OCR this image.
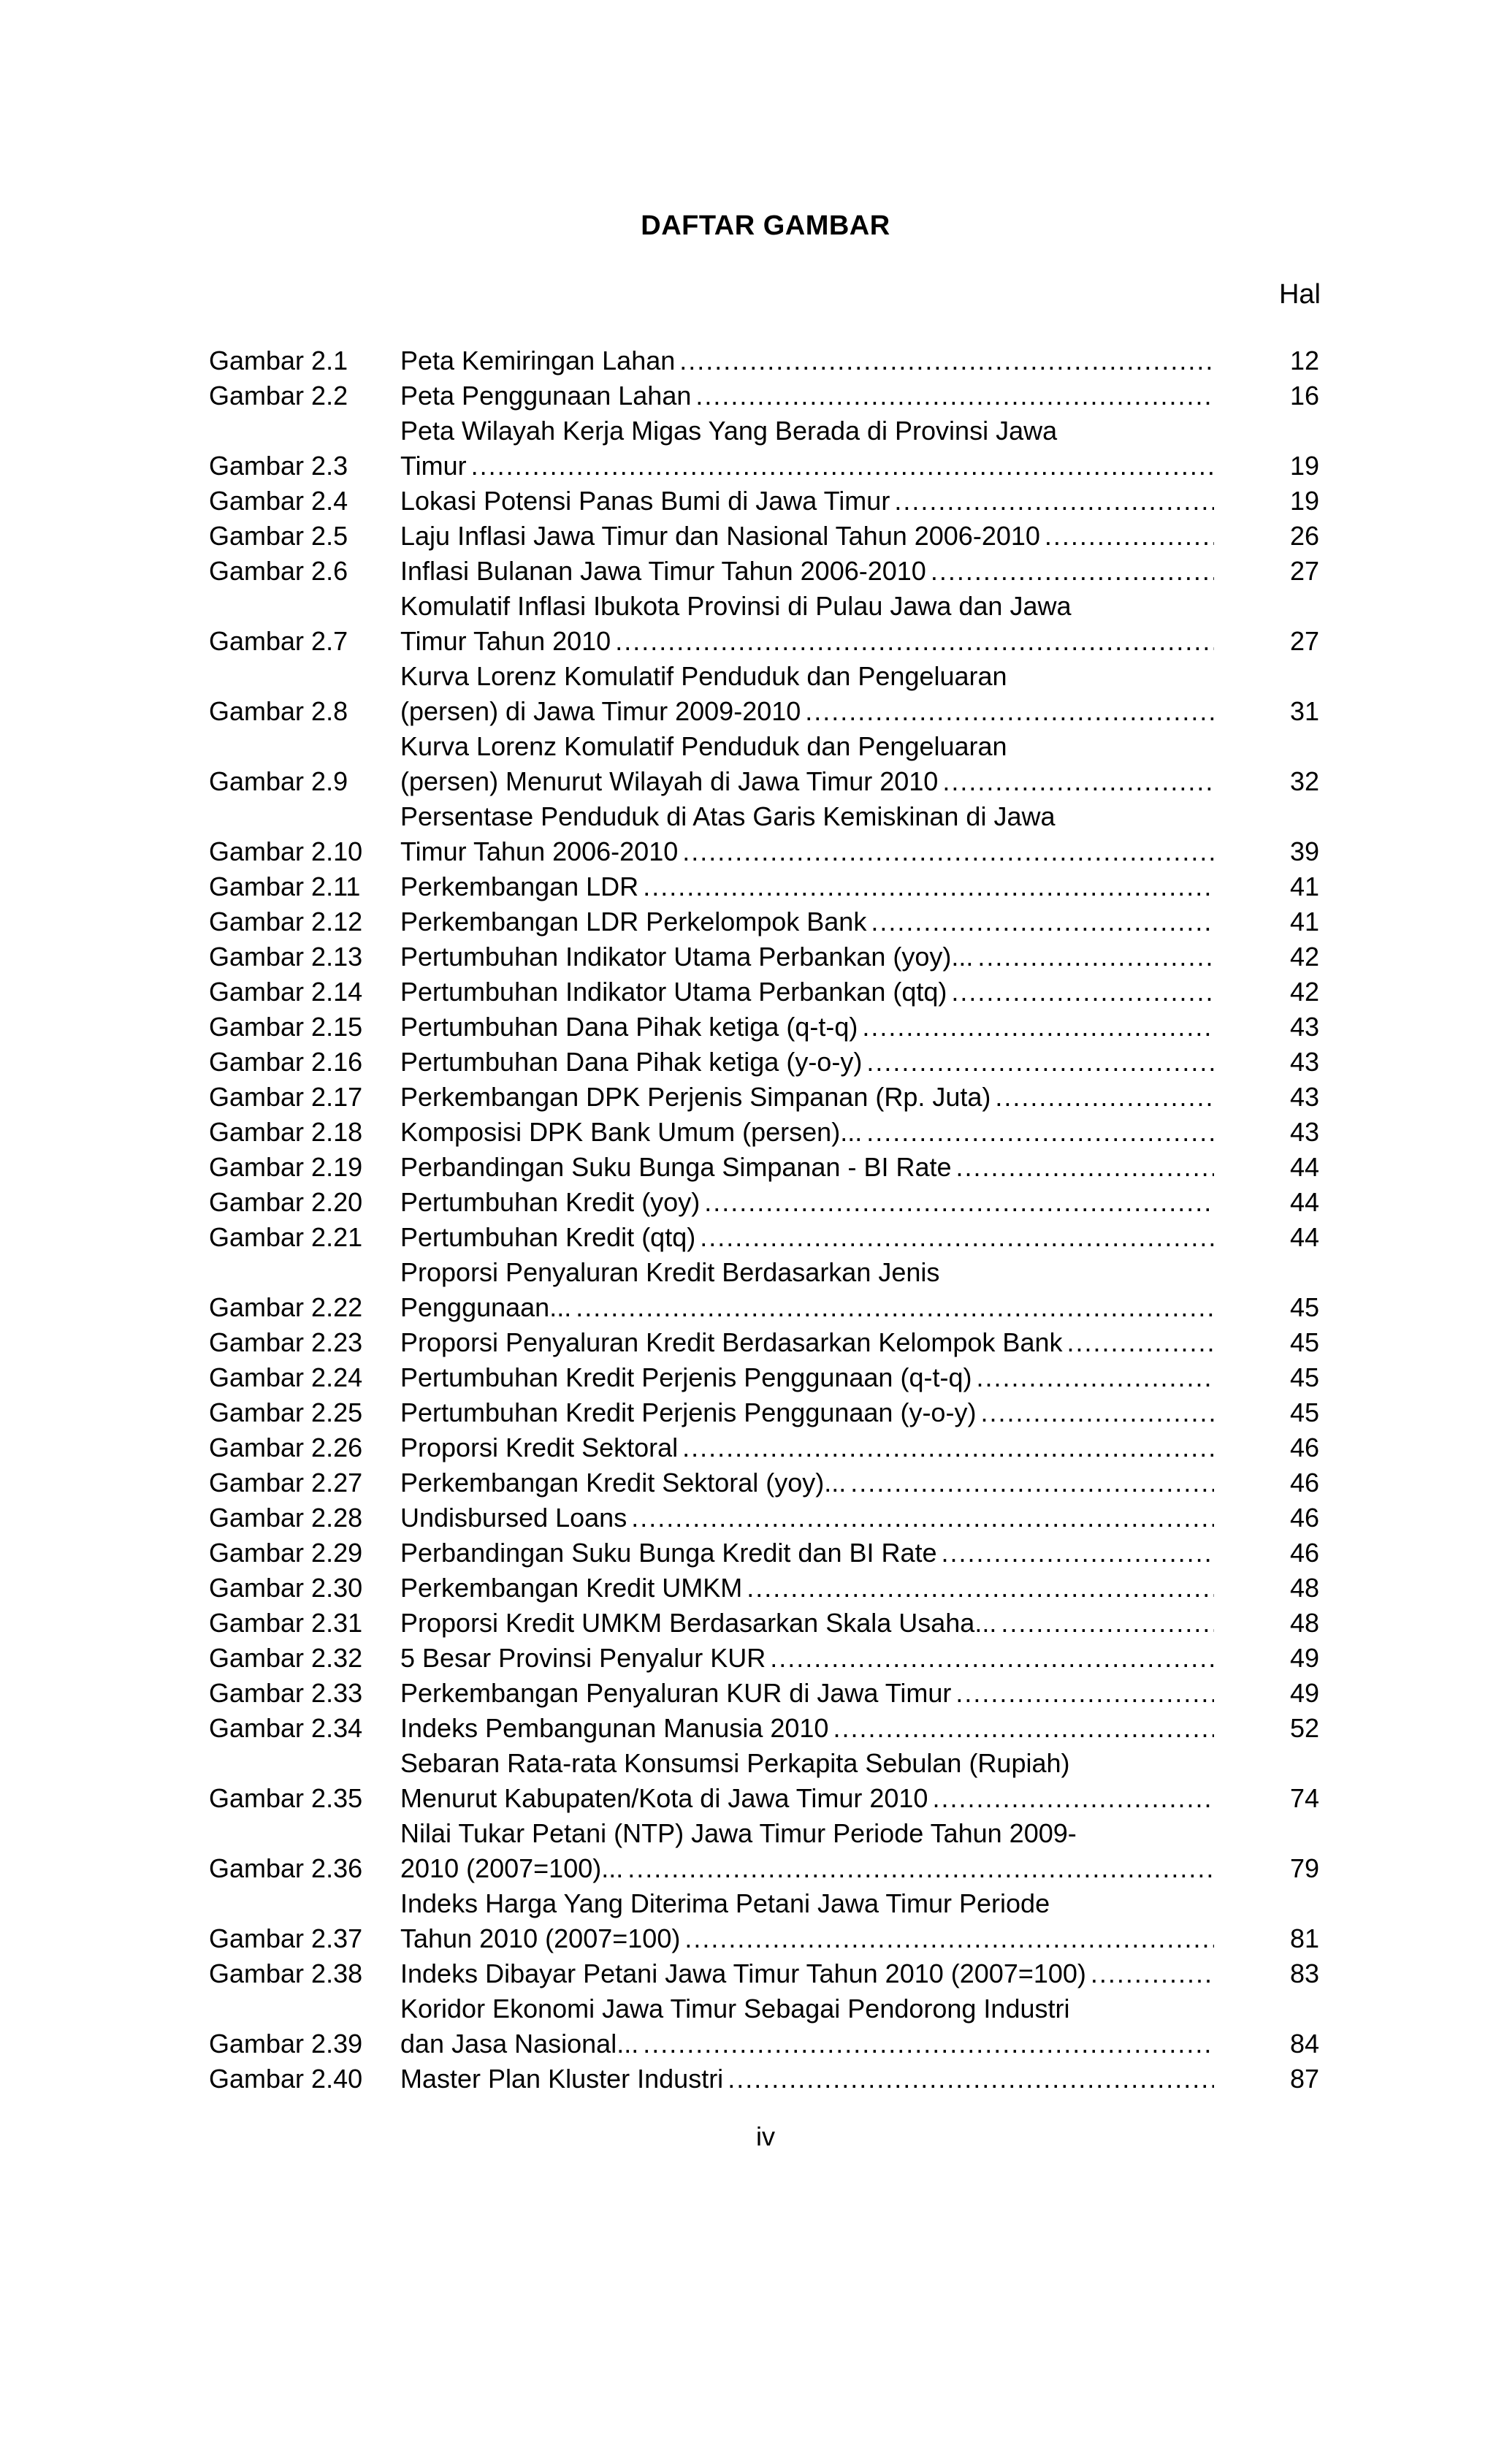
DAFTAR GAMBAR
Hal
Gambar 2.1	Peta Kemiringan Lahan .....	12
Gambar 2.2	Peta Penggunaan Lahan .....	16
Gambar 2.3
Peta Wilayah Kerja Migas Yang Berada di Provinsi Jawa
Timur .....	19
Gambar 2.4	Lokasi Potensi Panas Bumi di Jawa Timur .....	19
Gambar 2.5	Laju Inflasi Jawa Timur dan Nasional Tahun 2006-2010 .....	26
Gambar 2.6	Inflasi Bulanan Jawa Timur Tahun 2006-2010 .....	27
Gambar 2.7
Komulatif Inflasi Ibukota Provinsi di Pulau Jawa dan Jawa
Timur Tahun 2010 .....	27
Gambar 2.8
Kurva Lorenz Komulatif Penduduk dan Pengeluaran
(persen) di Jawa Timur 2009-2010 .....	31
Gambar 2.9
Kurva Lorenz Komulatif Penduduk dan Pengeluaran
(persen) Menurut Wilayah di Jawa Timur 2010 .....	32
Gambar 2.10
Persentase Penduduk di Atas Garis Kemiskinan di Jawa
Timur Tahun 2006-2010 .....	39
Gambar 2.11	Perkembangan LDR .....	41
Gambar 2.12	Perkembangan LDR Perkelompok Bank .....	41
Gambar 2.13	Pertumbuhan Indikator Utama Perbankan (yoy)... .....	42
Gambar 2.14	Pertumbuhan Indikator Utama Perbankan (qtq) .....	42
Gambar 2.15	Pertumbuhan Dana Pihak ketiga (q-t-q) .....	43
Gambar 2.16	Pertumbuhan Dana Pihak ketiga (y-o-y) .....	43
Gambar 2.17	Perkembangan DPK Perjenis Simpanan (Rp. Juta) .....	43
Gambar 2.18	Komposisi DPK Bank Umum (persen)... .....	43
Gambar 2.19	Perbandingan Suku Bunga Simpanan - BI Rate .....	44
Gambar 2.20	Pertumbuhan Kredit (yoy) .....	44
Gambar 2.21	Pertumbuhan Kredit (qtq) .....	44
Gambar 2.22
Proporsi Penyaluran Kredit Berdasarkan Jenis
Penggunaan... .....	45
Gambar 2.23	Proporsi Penyaluran Kredit Berdasarkan Kelompok Bank .....	45
Gambar 2.24	Pertumbuhan Kredit Perjenis Penggunaan (q-t-q) .....	45
Gambar 2.25	Pertumbuhan Kredit Perjenis Penggunaan (y-o-y) .....	45
Gambar 2.26	Proporsi Kredit Sektoral .....	46
Gambar 2.27	Perkembangan Kredit Sektoral (yoy)... .....	46
Gambar 2.28	Undisbursed Loans .....	46
Gambar 2.29	Perbandingan Suku Bunga Kredit dan BI Rate .....	46
Gambar 2.30	Perkembangan Kredit UMKM .....	48
Gambar 2.31	Proporsi Kredit UMKM Berdasarkan Skala Usaha... .....	48
Gambar 2.32	5 Besar Provinsi Penyalur KUR .....	49
Gambar 2.33	Perkembangan Penyaluran KUR di Jawa Timur .....	49
Gambar 2.34	Indeks Pembangunan Manusia 2010 .....	52
Gambar 2.35
Sebaran Rata-rata Konsumsi Perkapita Sebulan (Rupiah)
Menurut Kabupaten/Kota di Jawa Timur 2010 .....	74
Gambar 2.36
Nilai Tukar Petani (NTP) Jawa Timur Periode Tahun 2009-
2010 (2007=100)... .....	79
Gambar 2.37
Indeks Harga Yang Diterima Petani Jawa Timur Periode
Tahun 2010 (2007=100) .....	81
Gambar 2.38	Indeks Dibayar Petani Jawa Timur Tahun 2010 (2007=100) .....	83
Gambar 2.39
Koridor Ekonomi Jawa Timur Sebagai Pendorong Industri
dan Jasa Nasional... .....	84
Gambar 2.40	Master Plan Kluster Industri .....	87
iv
